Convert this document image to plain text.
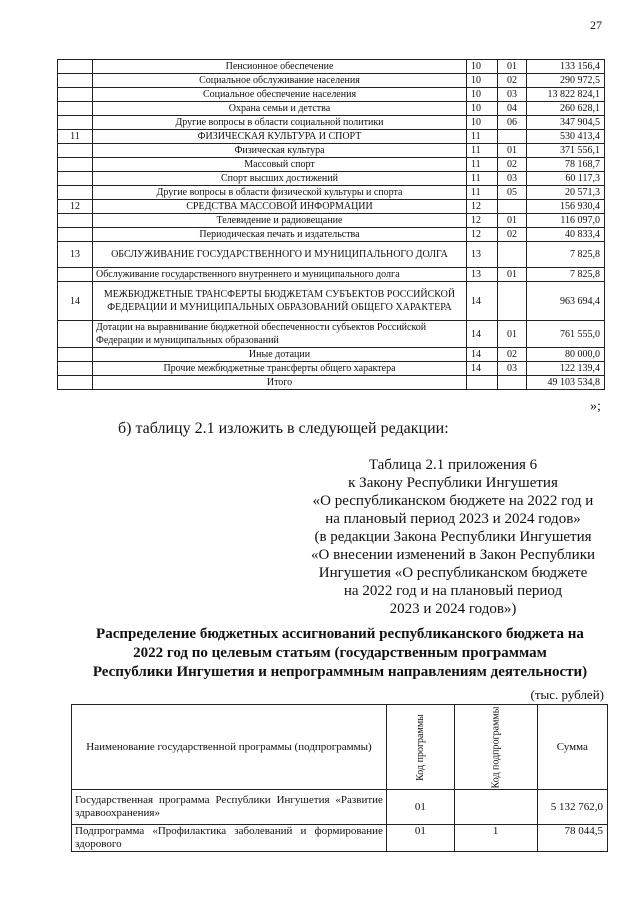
27
	Пенсионное обеспечение	10	01	133 156,4
	Социальное обслуживание населения	10	02	290 972,5
	Социальное обеспечение населения	10	03	13 822 824,1
	Охрана семьи и детства	10	04	260 628,1
	Другие вопросы в области социальной политики	10	06	347 904,5
11	ФИЗИЧЕСКАЯ КУЛЬТУРА И СПОРТ	11		530 413,4
	Физическая культура	11	01	371 556,1
	Массовый спорт	11	02	78 168,7
	Спорт высших достижений	11	03	60 117,3
	Другие вопросы в области физической культуры и спорта	11	05	20 571,3
12	СРЕДСТВА МАССОВОЙ ИНФОРМАЦИИ	12		156 930,4
	Телевидение и радиовещание	12	01	116 097,0
	Периодическая печать и издательства	12	02	40 833,4
13	ОБСЛУЖИВАНИЕ ГОСУДАРСТВЕННОГО И МУНИЦИПАЛЬНОГО ДОЛГА	13		7 825,8
	Обслуживание государственного внутреннего и муниципального долга	13	01	7 825,8
14	МЕЖБЮДЖЕТНЫЕ ТРАНСФЕРТЫ БЮДЖЕТАМ СУБЪЕКТОВ РОССИЙСКОЙ ФЕДЕРАЦИИ И МУНИЦИПАЛЬНЫХ ОБРАЗОВАНИЙ ОБЩЕГО ХАРАКТЕРА	14		963 694,4
	Дотации на выравнивание бюджетной обеспеченности субъектов Российской Федерации и муниципальных образований	14	01	761 555,0
	Иные дотации	14	02	80 000,0
	Прочие межбюджетные трансферты общего характера	14	03	122 139,4
	Итого			49 103 534,8
»;
б) таблицу 2.1 изложить в следующей редакции:
Таблица 2.1 приложения 6
к Закону Республики Ингушетия
«О республиканском бюджете на 2022 год и
на плановый период 2023 и 2024 годов»
(в редакции Закона Республики Ингушетия
«О внесении изменений в Закон Республики
Ингушетия «О республиканском бюджете
на 2022 год и на плановый период
2023 и 2024 годов»)
Распределение бюджетных ассигнований республиканского бюджета на
2022 год по целевым статьям (государственным программам
Республики Ингушетия и непрограммным направлениям деятельности)
(тыс. рублей)
Наименование государственной программы (подпрограммы)	Код программы	Код подпрограммы	Сумма
Государственная программа Республики Ингушетия «Развитие здравоохранения»	01		5 132 762,0
Подпрограмма «Профилактика заболеваний и формирование здорового	01	1	78 044,5
